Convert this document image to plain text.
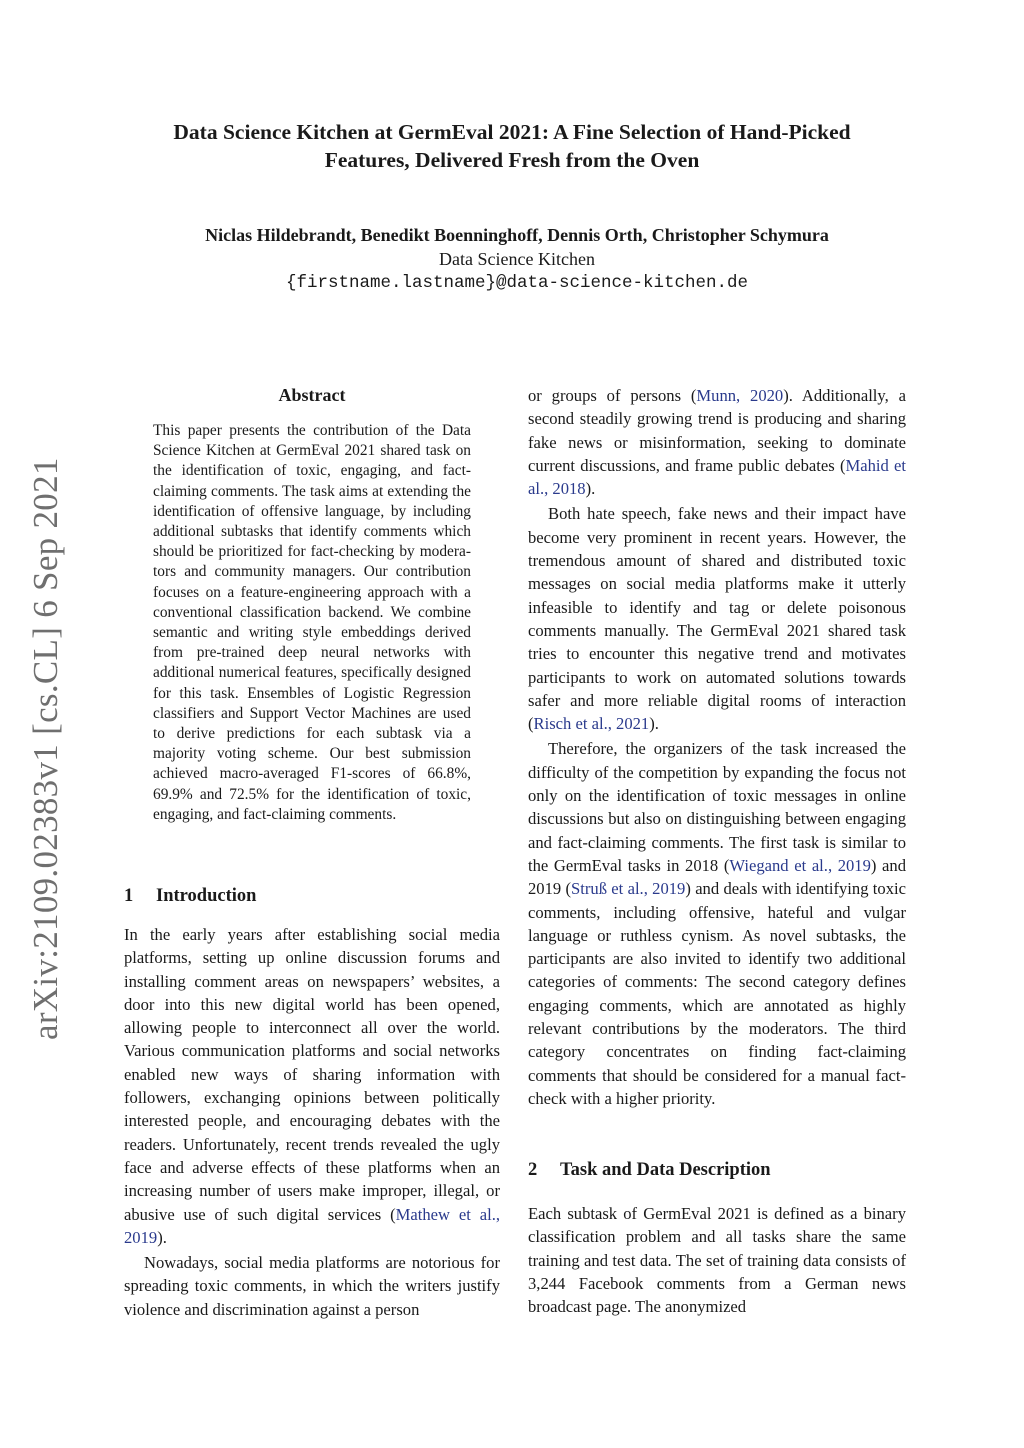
Data Science Kitchen at GermEval 2021: A Fine Selection of Hand-Picked
Features, Delivered Fresh from the Oven
Niclas Hildebrandt, Benedikt Boenninghoff, Dennis Orth, Christopher Schymura
Data Science Kitchen
{firstname.lastname}@data-science-kitchen.de
arXiv:2109.02383v1 [cs.CL] 6 Sep 2021
Abstract
This paper presents the contribution of the Data Science Kitchen at GermEval 2021 shared task on the identification of toxic, engaging, and fact-claiming comments. The task aims at extending the identification of offensive language, by including additional subtasks that identify comments which should be prioritized for fact-checking by moderators and community managers. Our contribution focuses on a feature-engineering approach with a conventional classification backend. We combine semantic and writing style embeddings derived from pre-trained deep neural networks with additional numerical features, specifically designed for this task. Ensembles of Logistic Regression classifiers and Support Vector Machines are used to derive predictions for each subtask via a majority voting scheme. Our best submission achieved macro-averaged F1-scores of 66.8%, 69.9% and 72.5% for the identification of toxic, engaging, and fact-claiming comments.
1 Introduction

In the early years after establishing social media platforms, setting up online discussion forums and installing comment areas on newspapers’ websites, a door into this new digital world has been opened, allowing people to interconnect all over the world. Various communication platforms and social networks enabled new ways of sharing information with followers, exchanging opinions between politically interested people, and encouraging debates with the readers. Unfortunately, recent trends revealed the ugly face and adverse effects of these platforms when an increasing number of users make improper, illegal, or abusive use of such digital services (Mathew et al., 2019).

Nowadays, social media platforms are notorious for spreading toxic comments, in which the writers justify violence and discrimination against a person

or groups of persons (Munn, 2020). Additionally, a second steadily growing trend is producing and sharing fake news or misinformation, seeking to dominate current discussions, and frame public debates (Mahid et al., 2018).

Both hate speech, fake news and their impact have become very prominent in recent years. However, the tremendous amount of shared and distributed toxic messages on social media platforms make it utterly infeasible to identify and tag or delete poisonous comments manually. The GermEval 2021 shared task tries to encounter this negative trend and motivates participants to work on automated solutions towards safer and more reliable digital rooms of interaction (Risch et al., 2021).

Therefore, the organizers of the task increased the difficulty of the competition by expanding the focus not only on the identification of toxic messages in online discussions but also on distinguishing between engaging and fact-claiming comments. The first task is similar to the GermEval tasks in 2018 (Wiegand et al., 2019) and 2019 (Struß et al., 2019) and deals with identifying toxic comments, including offensive, hateful and vulgar language or ruthless cynism. As novel subtasks, the participants are also invited to identify two additional categories of comments: The second category defines engaging comments, which are annotated as highly relevant contributions by the moderators. The third category concentrates on finding fact-claiming comments that should be considered for a manual fact-check with a higher priority.

2 Task and Data Description

Each subtask of GermEval 2021 is defined as a binary classification problem and all tasks share the same training and test data. The set of training data consists of 3,244 Facebook comments from a German news broadcast page. The anonymized
